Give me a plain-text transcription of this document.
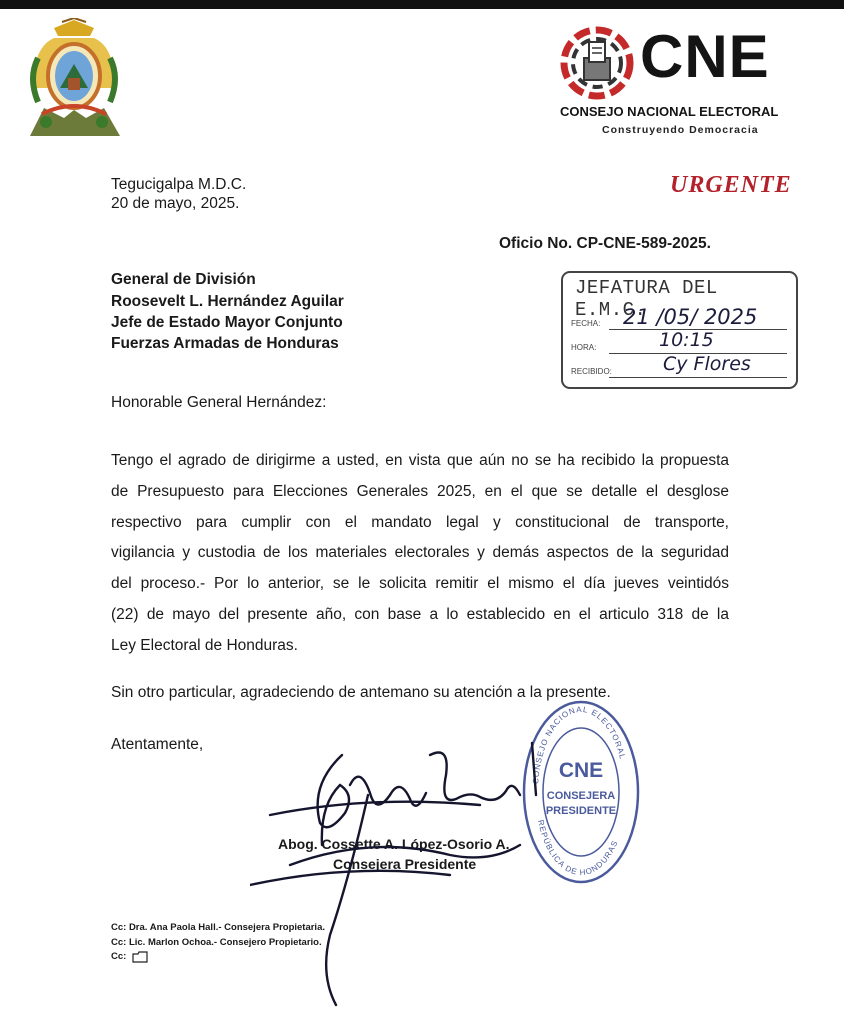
CNE
CONSEJO NACIONAL ELECTORAL
Construyendo Democracia
URGENTE
Tegucigalpa M.D.C.
20 de mayo, 2025.
Oficio No. CP-CNE-589-2025.
General de División
Roosevelt L. Hernández Aguilar
Jefe de Estado Mayor Conjunto
Fuerzas Armadas de Honduras
JEFATURA DEL E.M.C.
FECHA: 21 /05/ 2025
HORA:	10:15
RECIBIDO:	Cy Flores
Honorable General Hernández:
Tengo el agrado de dirigirme a usted, en vista que aún no se ha recibido la propuesta
de Presupuesto para Elecciones Generales 2025, en el que se detalle el desglose
respectivo para cumplir con el mandato legal y constitucional de transporte,
vigilancia y custodia de los materiales electorales y demás aspectos de la seguridad
del proceso.- Por lo anterior, se le solicita remitir el mismo el día jueves veintidós
(22) de mayo del presente año, con base a lo establecido en el articulo 318 de la
Ley Electoral de Honduras.
Sin otro particular, agradeciendo de antemano su atención a la presente.
Atentamente,
CONSEJO NACIONAL ELECTORAL
REPÚBLICA DE HONDURAS
CNE
CONSEJERA
PRESIDENTE
Abog. Cossette A. López-Osorio A.
Consejera Presidente
López-Osorio
Cc: Dra. Ana Paola Hall.- Consejera Propietaria.
Cc: Lic. Marlon Ochoa.- Consejero Propietario.
Cc:
